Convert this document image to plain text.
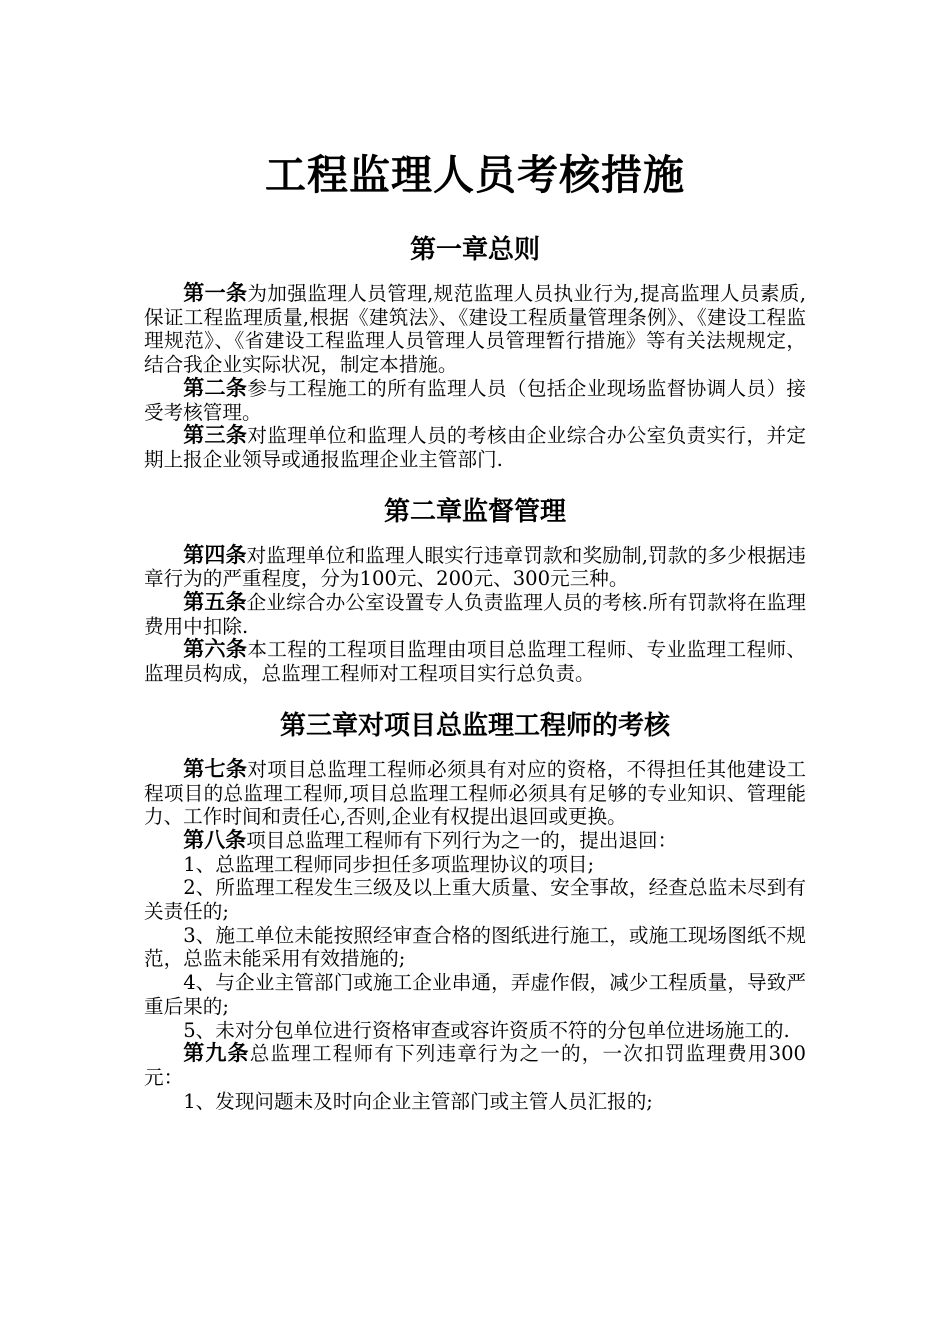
工程监理人员考核措施
第一章总则

第一条为加强监理人员管理,规范监理人员执业行为,提高监理人员素质,保证工程监理质量,根据《建筑法》、《建设工程质量管理条例》、《建设工程监理规范》、《省建设工程监理人员管理人员管理暂行措施》等有关法规规定，结合我企业实际状况，制定本措施。

第二条参与工程施工的所有监理人员（包括企业现场监督协调人员）接受考核管理。

第三条对监理单位和监理人员的考核由企业综合办公室负责实行，并定期上报企业领导或通报监理企业主管部门.

第二章监督管理

第四条对监理单位和监理人眼实行违章罚款和奖励制,罚款的多少根据违章行为的严重程度，分为100元、200元、300元三种。

第五条企业综合办公室设置专人负责监理人员的考核.所有罚款将在监理费用中扣除.

第六条本工程的工程项目监理由项目总监理工程师、专业监理工程师、监理员构成，总监理工程师对工程项目实行总负责。

第三章对项目总监理工程师的考核

第七条对项目总监理工程师必须具有对应的资格，不得担任其他建设工程项目的总监理工程师,项目总监理工程师必须具有足够的专业知识、管理能力、工作时间和责任心,否则,企业有权提出退回或更换。

第八条项目总监理工程师有下列行为之一的，提出退回：

1、总监理工程师同步担任多项监理协议的项目;

2、所监理工程发生三级及以上重大质量、安全事故，经查总监未尽到有关责任的;

3、施工单位未能按照经审查合格的图纸进行施工，或施工现场图纸不规范，总监未能采用有效措施的;

4、与企业主管部门或施工企业串通，弄虚作假，减少工程质量，导致严重后果的;

5、未对分包单位进行资格审查或容许资质不符的分包单位进场施工的.

第九条总监理工程师有下列违章行为之一的，一次扣罚监理费用300元：

1、发现问题未及时向企业主管部门或主管人员汇报的;
